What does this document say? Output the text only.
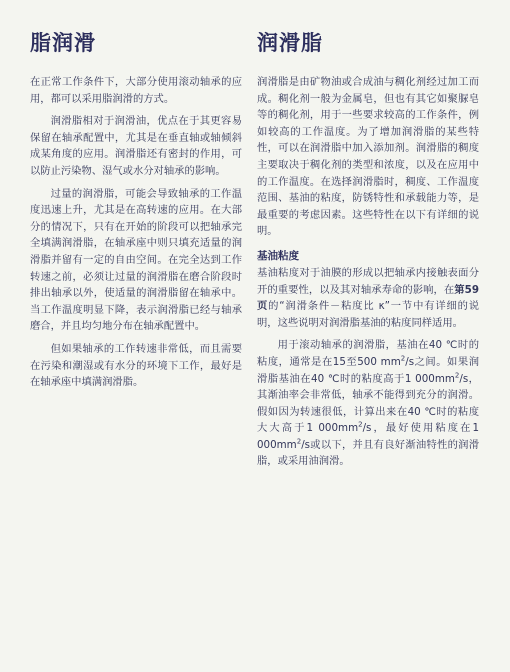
脂润滑

在正常工作条件下，大部分使用滚动轴承的应用，都可以采用脂润滑的方式。

润滑脂相对于润滑油，优点在于其更容易保留在轴承配置中，尤其是在垂直轴或轴倾斜成某角度的应用。润滑脂还有密封的作用，可以防止污染物、湿气或水分对轴承的影响。

过量的润滑脂，可能会导致轴承的工作温度迅速上升，尤其是在高转速的应用。在大部分的情况下，只有在开始的阶段可以把轴承完全填满润滑脂，在轴承座中则只填充适量的润滑脂并留有一定的自由空间。在完全达到工作转速之前，必须让过量的润滑脂在磨合阶段时排出轴承以外，使适量的润滑脂留在轴承中。当工作温度明显下降，表示润滑脂已经与轴承磨合，并且均匀地分布在轴承配置中。

但如果轴承的工作转速非常低，而且需要在污染和潮湿或有水分的环境下工作，最好是在轴承座中填满润滑脂。

润滑脂

润滑脂是由矿物油或合成油与稠化剂经过加工而成。稠化剂一般为金属皂，但也有其它如聚脲皂等的稠化剂，用于一些要求较高的工作条件，例如较高的工作温度。为了增加润滑脂的某些特性，可以在润滑脂中加入添加剂。润滑脂的稠度主要取决于稠化剂的类型和浓度，以及在应用中的工作温度。在选择润滑脂时，稠度、工作温度范围、基油的粘度，防锈特性和承载能力等，是最重要的考虑因素。这些特性在以下有详细的说明。

基油粘度

基油粘度对于油膜的形成以把轴承内接触表面分开的重要性，以及其对轴承寿命的影响，在第59页的“润滑条件－粘度比 κ”一节中有详细的说明，这些说明对润滑脂基油的粘度同样适用。

用于滚动轴承的润滑脂，基油在40 ℃时的粘度，通常是在15至500 $mm^2/s$之间。如果润滑脂基油在40 ℃时的粘度高于1 $000mm^2/s$，其渐油率会非常低，轴承不能得到充分的润滑。假如因为转速很低，计算出来在40 ℃时的粘度大大高于1 $000mm^2/s$，最好使用粘度在1 $000mm^2/s$或以下，并且有良好渐油特性的润滑脂，或采用油润滑。
